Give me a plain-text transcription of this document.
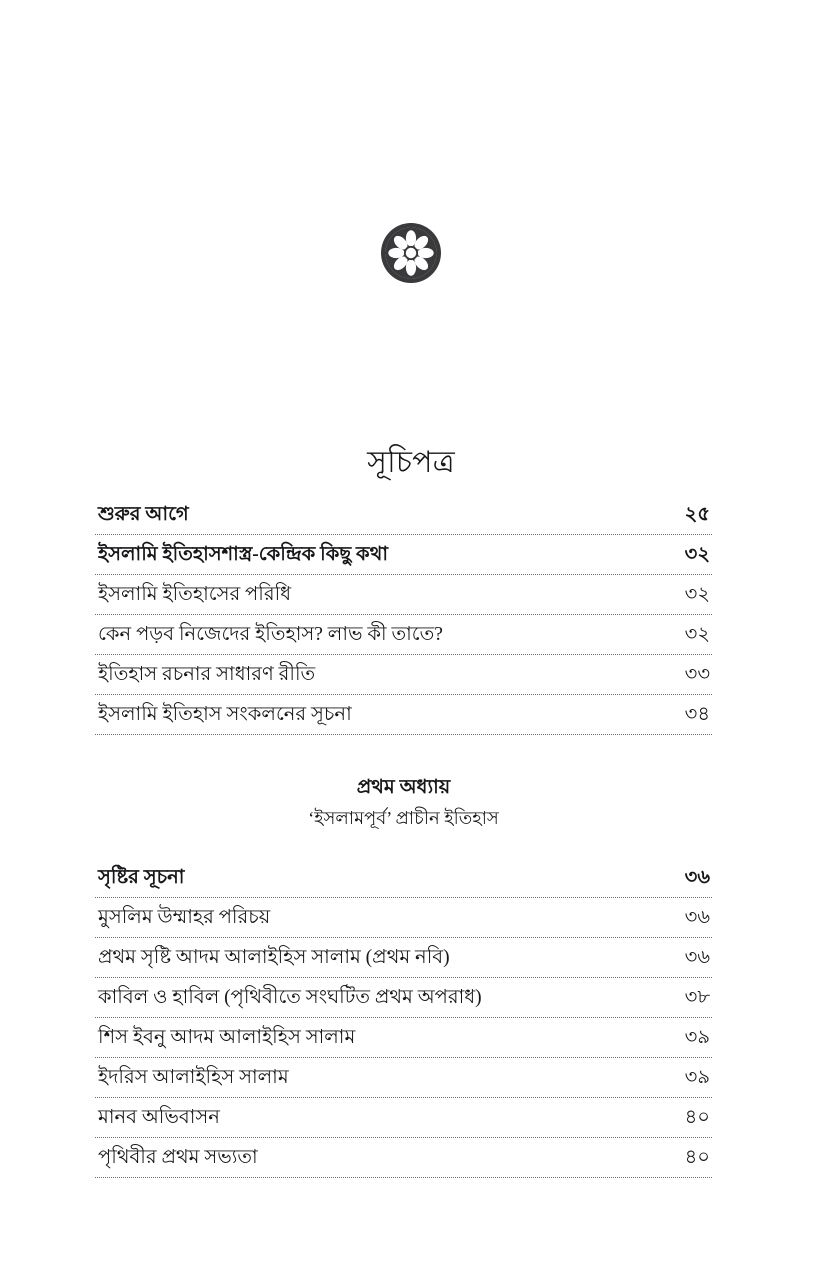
সূচিপত্র
শুরুর আগে	২৫
ইসলামি ইতিহাসশাস্ত্র-কেন্দ্রিক কিছু কথা	৩২
ইসলামি ইতিহাসের পরিধি	৩২
কেন পড়ব নিজেদের ইতিহাস? লাভ কী তাতে?	৩২
ইতিহাস রচনার সাধারণ রীতি	৩৩
ইসলামি ইতিহাস সংকলনের সূচনা	৩৪
প্রথম অধ্যায়
‘ইসলামপূর্ব’ প্রাচীন ইতিহাস
সৃষ্টির সূচনা	৩৬
মুসলিম উম্মাহর পরিচয়	৩৬
প্রথম সৃষ্টি আদম আলাইহিস সালাম (প্রথম নবি)	৩৬
কাবিল ও হাবিল (পৃথিবীতে সংঘটিত প্রথম অপরাধ)	৩৮
শিস ইবনু আদম আলাইহিস সালাম	৩৯
ইদরিস আলাইহিস সালাম	৩৯
মানব অভিবাসন	৪০
পৃথিবীর প্রথম সভ্যতা	৪০
